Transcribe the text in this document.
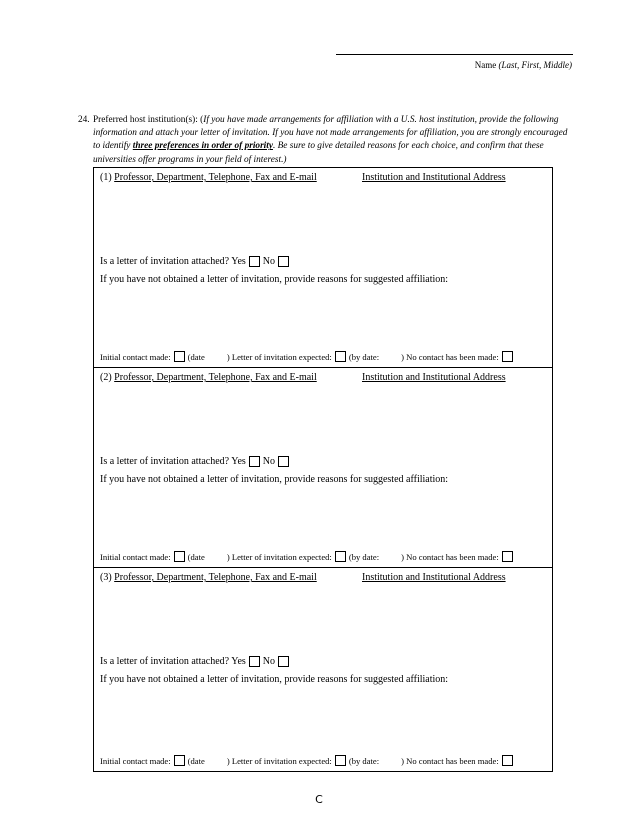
Name (Last, First, Middle)
24. Preferred host institution(s): (If you have made arrangements for affiliation with a U.S. host institution, provide the following information and attach your letter of invitation. If you have not made arrangements for affiliation, you are strongly encouraged to identify three preferences in order of priority. Be sure to give detailed reasons for each choice, and confirm that these universities offer programs in your field of interest.)
(1) Professor, Department, Telephone, Fax and E-mail	Institution and Institutional Address
Is a letter of invitation attached? Yes No
If you have not obtained a letter of invitation, provide reasons for suggested affiliation:
Initial contact made: (date	) Letter of invitation expected: (by date:	) No contact has been made:
(2) Professor, Department, Telephone, Fax and E-mail	Institution and Institutional Address
Is a letter of invitation attached? Yes No
If you have not obtained a letter of invitation, provide reasons for suggested affiliation:
Initial contact made: (date	) Letter of invitation expected: (by date:	) No contact has been made:
(3) Professor, Department, Telephone, Fax and E-mail	Institution and Institutional Address
Is a letter of invitation attached? Yes No
If you have not obtained a letter of invitation, provide reasons for suggested affiliation:
Initial contact made: (date	) Letter of invitation expected: (by date:	) No contact has been made:
C
